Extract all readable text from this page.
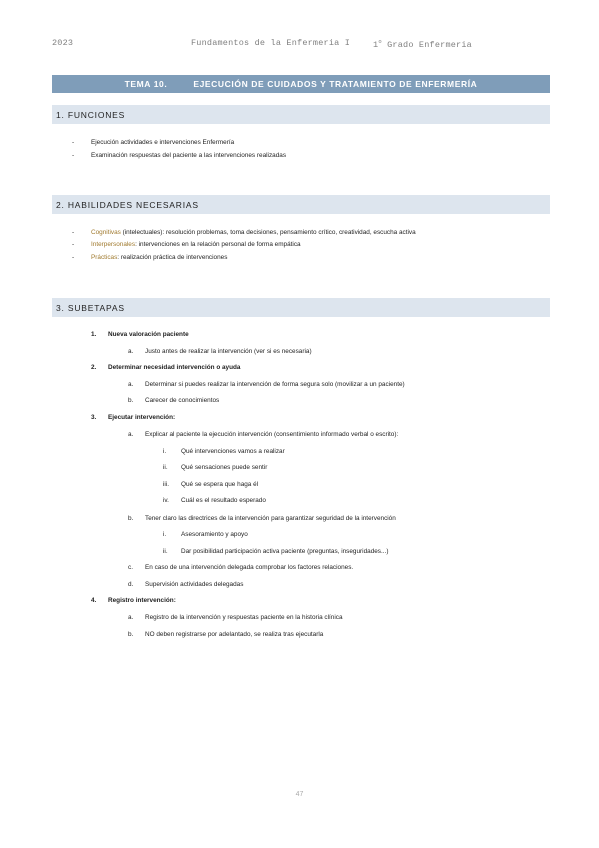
2023	Fundamentos de la Enfermeria I	1$^o$ Grado Enfermeria
TEMA 10.	EJECUCIÓN DE CUIDADOS Y TRATAMIENTO DE ENFERMERÍA
1. FUNCIONES
-	Ejecución actividades e intervenciones Enfermería
-	Examinación respuestas del paciente a las intervenciones realizadas
2. HABILIDADES NECESARIAS
-	Cognitivas (intelectuales): resolución problemas, toma decisiones, pensamiento crítico, creatividad, escucha activa
-	Interpersonales: intervenciones en la relación personal de forma empática
-	Prácticas: realización práctica de intervenciones
3. SUBETAPAS
1. Nueva valoración paciente
a. Justo antes de realizar la intervención (ver si es necesaria)
2. Determinar necesidad intervención o ayuda
a. Determinar si puedes realizar la intervención de forma segura solo (movilizar a un paciente)
b. Carecer de conocimientos
3. Ejecutar intervención:
a. Explicar al paciente la ejecución intervención (consentimiento informado verbal o escrito):
i. Qué intervenciones vamos a realizar
ii. Qué sensaciones puede sentir
iii. Qué se espera que haga él
iv. Cuál es el resultado esperado
b. Tener claro las directrices de la intervención para garantizar seguridad de la intervención
i. Asesoramiento y apoyo
ii. Dar posibilidad participación activa paciente (preguntas, inseguridades...)
c. En caso de una intervención delegada comprobar los factores relaciones.
d. Supervisión actividades delegadas
4. Registro intervención:
a. Registro de la intervención y respuestas paciente en la historia clínica
b. NO deben registrarse por adelantado, se realiza tras ejecutarla
47
